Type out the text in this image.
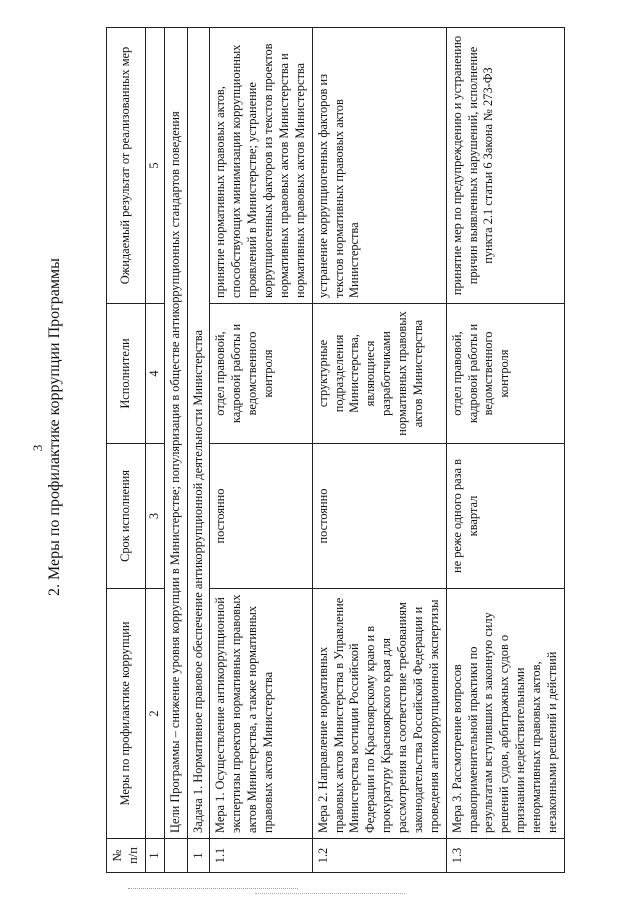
3 2. Меры по профилактике коррупции Программы
№ п/п	Меры по профилактике коррупции	Срок исполнения	Исполнители	Ожидаемый результат от реализованных мер
1	2	3	4	5
	Цели Программы – снижение уровня коррупции в Министерстве; популяризация в обществе антикоррупционных стандартов поведения			
1	Задача 1. Нормативное правовое обеспечение антикоррупционной деятельности Министерства			
1.1	Мера 1. Осуществление антикоррупционной экспертизы проектов нормативных правовых актов Министерства, а также нормативных правовых актов Министерства	постоянно	отдел правовой, кадровой работы и ведомственного контроля	принятие нормативных правовых актов, способствующих минимизации коррупционных проявлений в Министерстве; устранение коррупциогенных факторов из текстов проектов нормативных правовых актов Министерства и нормативных правовых актов Министерства
1.2	Мера 2. Направление нормативных правовых актов Министерства в Управление Министерства юстиции Российской Федерации по Красноярскому краю и в прокуратуру Красноярского края для рассмотрения на соответствие требованиям законодательства Российской Федерации и проведения антикоррупционной экспертизы	постоянно	структурные подразделения Министерства, являющиеся разработчиками нормативных правовых актов Министерства	устранение коррупциогенных факторов из текстов нормативных правовых актов Министерства
1.3	Мера 3. Рассмотрение вопросов правоприменительной практики по результатам вступивших в законную силу решений судов, арбитражных судов о признании недействительными ненормативных правовых актов, незаконными решений и действий	не реже одного раза в квартал	отдел правовой, кадровой работы и ведомственного контроля	принятие мер по предупреждению и устранению причин выявленных нарушений, исполнение пункта 2.1 статьи 6 Закона № 273-ФЗ
